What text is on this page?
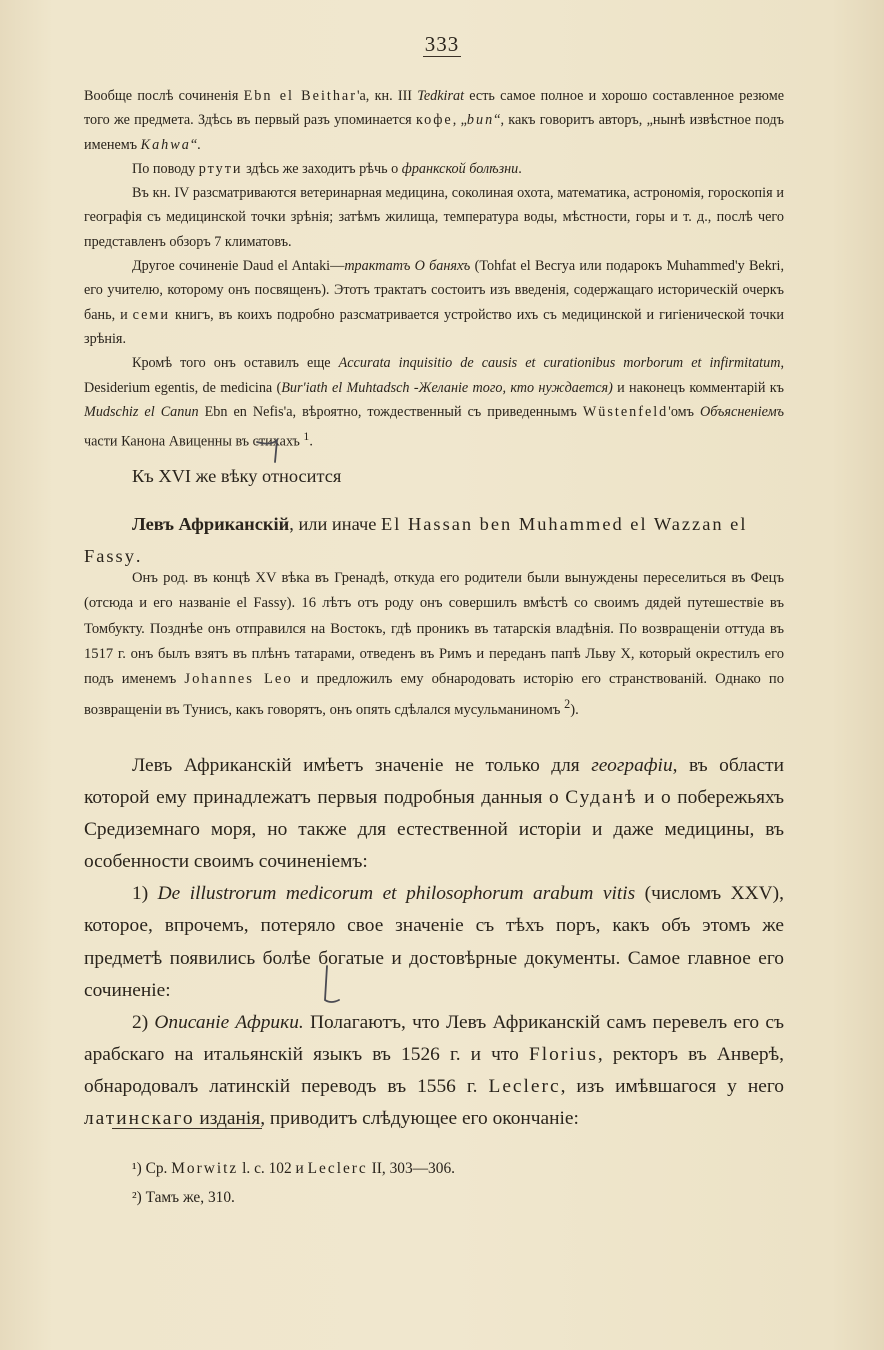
333

Вообще послѣ сочиненія Ebn el Beithar'а, кн. III Tedkirat есть самое полное и хорошо составленное резюме того же предмета. Здѣсь въ первый разъ упоминается кофе, „bun“, какъ говоритъ авторъ, „нынѣ извѣстное подъ именемъ Kahwa“.

По поводу ртути здѣсь же заходитъ рѣчь о франкской болѣзни.

Въ кн. IV разсматриваются ветеринарная медицина, соколиная охота, математика, астрономія, гороскопія и географія съ медицинской точки зрѣнія; затѣмъ жилища, температура воды, мѣстности, горы и т. д., послѣ чего представленъ обзоръ 7 климатовъ.

Другое сочиненіе Daud el Antaki—трактатъ О баняхъ (Tohfat el Becrya или подарокъ Muhammed'у Bekri, его учителю, которому онъ посвященъ). Этотъ трактатъ состоитъ изъ введенія, содержащаго историческій очеркъ бань, и семи книгъ, въ коихъ подробно разсматривается устройство ихъ съ медицинской и гигіенической точки зрѣнія.

Кромѣ того онъ оставилъ еще Accurata inquisitio de causis et curationibus morborum et infirmitatum, Desiderium egentis, de medicina (Bur'iath el Muhtadsch -Желаніе того, кто нуждается) и наконецъ комментарій къ Mudschiz el Canun Ebn en Nefis'а, вѣроятно, тождественный съ приведеннымъ Wüstenfeld'омъ Объясненіемъ части Канона Авиценны въ стихахъ $^1$.

Къ XVI же вѣку относится

Левъ Африканскій, или иначе El Hassan ben Muhammed el Wazzan el Fassy.

Онъ род. въ концѣ XV вѣка въ Гренадѣ, откуда его родители были вынуждены переселиться въ Фецъ (отсюда и его названіе el Fassy). 16 лѣтъ отъ роду онъ совершилъ вмѣстѣ со своимъ дядей путешествіе въ Томбукту. Позднѣе онъ отправился на Востокъ, гдѣ проникъ въ татарскія владѣнія. По возвращеніи оттуда въ 1517 г. онъ былъ взятъ въ плѣнъ татарами, отведенъ въ Римъ и переданъ папѣ Льву X, который окрестилъ его подъ именемъ Johannes Leo и предложилъ ему обнародовать исторію его странствованій. Однако по возвращеніи въ Тунисъ, какъ говорятъ, онъ опять сдѣлался мусульманиномъ $^2$).

Левъ Африканскій имѣетъ значеніе не только для географіи, въ области которой ему принадлежатъ первыя подробныя данныя о Суданѣ и о побережьяхъ Средиземнаго моря, но также для естественной исторіи и даже медицины, въ особенности своимъ сочиненіемъ:

1) De illustrorum medicorum et philosophorum arabum vitis (числомъ XXV), которое, впрочемъ, потеряло свое значеніе съ тѣхъ поръ, какъ объ этомъ же предметѣ появились болѣе богатые и достовѣрные документы. Самое главное его сочиненіе:

2) Описаніе Африки. Полагаютъ, что Левъ Африканскій самъ перевелъ его съ арабскаго на итальянскій языкъ въ 1526 г. и что Florius, ректоръ въ Анверѣ, обнародовалъ латинскій переводъ въ 1556 г. Leclerc, изъ имѣвшагося у него латинскаго изданія, приводитъ слѣдующее его окончаніе:

¹) Ср. Morwitz l. c. 102 и Leclerc II, 303—306.
²) Тамъ же, 310.
